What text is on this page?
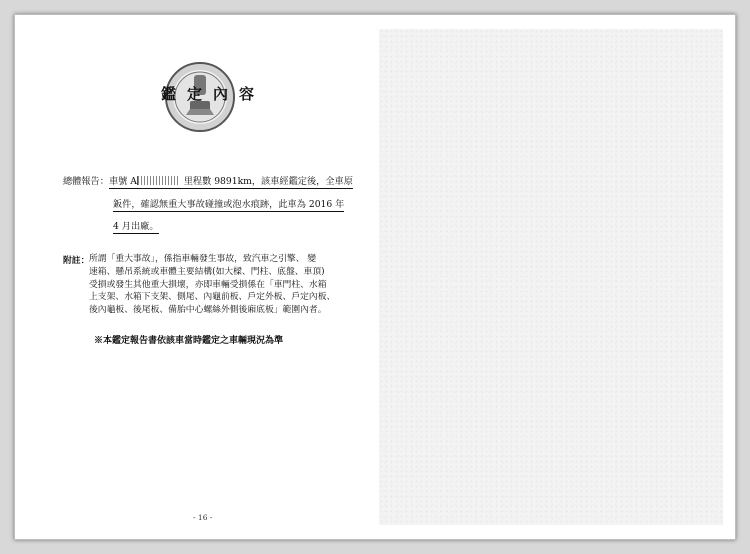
鑑 定 內 容
總體報告：車號 A	里程數 9891km，該車經鑑定後，全車原
鈑件，確認無重大事故碰撞或泡水痕跡，此車為 2016 年
4 月出廠。
附註： 所謂「重大事故」，係指車輛發生事故，致汽車之引擎、 變
速箱、懸吊系統或車體主要結構(如大樑、門柱、底盤、車頂)
受損或發生其他重大損壞，亦即車輛受損係在「車門柱、水箱
上支架、水箱下支架、側尾、內龜前板、戶定外板、戶定內板、
後內龜板、後尾板、備胎中心螺絲外側後廂底板」範圍內者。
※本鑑定報告書依該車當時鑑定之車輛現況為準
- 16 -
